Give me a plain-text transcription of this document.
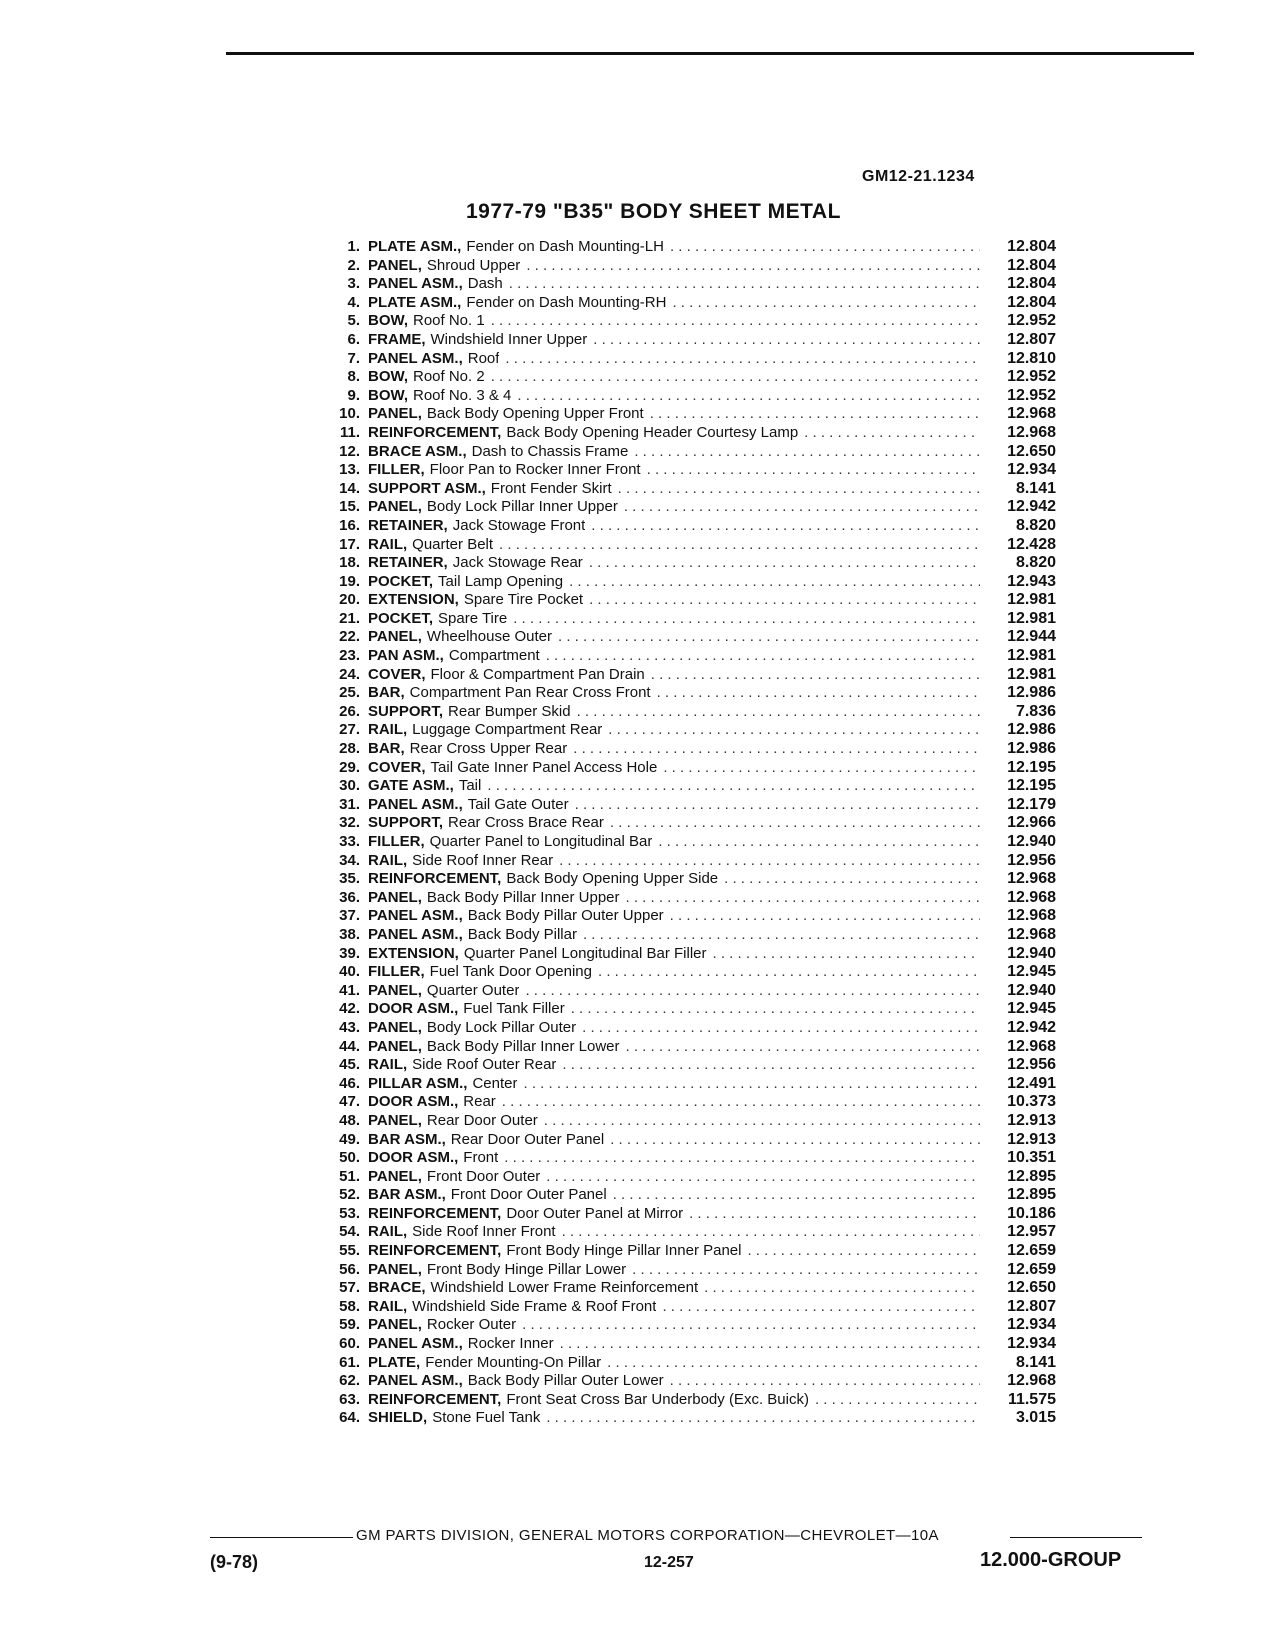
GM12-21.1234
1977-79 "B35" BODY SHEET METAL
1. PLATE ASM., Fender on Dash Mounting-LH . . .	12.804
2. PANEL, Shroud Upper . . .	12.804
3. PANEL ASM., Dash . . .	12.804
4. PLATE ASM., Fender on Dash Mounting-RH . . .	12.804
5. BOW, Roof No. 1 . . .	12.952
6. FRAME, Windshield Inner Upper . . .	12.807
7. PANEL ASM., Roof . . .	12.810
8. BOW, Roof No. 2 . . .	12.952
9. BOW, Roof No. 3 & 4 . . .	12.952
10. PANEL, Back Body Opening Upper Front . . .	12.968
11. REINFORCEMENT, Back Body Opening Header Courtesy Lamp . . .	12.968
12. BRACE ASM., Dash to Chassis Frame . . .	12.650
13. FILLER, Floor Pan to Rocker Inner Front . . .	12.934
14. SUPPORT ASM., Front Fender Skirt . . .	8.141
15. PANEL, Body Lock Pillar Inner Upper . . .	12.942
16. RETAINER, Jack Stowage Front . . .	8.820
17. RAIL, Quarter Belt . . .	12.428
18. RETAINER, Jack Stowage Rear . . .	8.820
19. POCKET, Tail Lamp Opening . . .	12.943
20. EXTENSION, Spare Tire Pocket . . .	12.981
21. POCKET, Spare Tire . . .	12.981
22. PANEL, Wheelhouse Outer . . .	12.944
23. PAN ASM., Compartment . . .	12.981
24. COVER, Floor & Compartment Pan Drain . . .	12.981
25. BAR, Compartment Pan Rear Cross Front . . .	12.986
26. SUPPORT, Rear Bumper Skid . . .	7.836
27. RAIL, Luggage Compartment Rear . . .	12.986
28. BAR, Rear Cross Upper Rear . . .	12.986
29. COVER, Tail Gate Inner Panel Access Hole . . .	12.195
30. GATE ASM., Tail . . .	12.195
31. PANEL ASM., Tail Gate Outer . . .	12.179
32. SUPPORT, Rear Cross Brace Rear . . .	12.966
33. FILLER, Quarter Panel to Longitudinal Bar . . .	12.940
34. RAIL, Side Roof Inner Rear . . .	12.956
35. REINFORCEMENT, Back Body Opening Upper Side . . .	12.968
36. PANEL, Back Body Pillar Inner Upper . . .	12.968
37. PANEL ASM., Back Body Pillar Outer Upper . . .	12.968
38. PANEL ASM., Back Body Pillar . . .	12.968
39. EXTENSION, Quarter Panel Longitudinal Bar Filler . . .	12.940
40. FILLER, Fuel Tank Door Opening . . .	12.945
41. PANEL, Quarter Outer . . .	12.940
42. DOOR ASM., Fuel Tank Filler . . .	12.945
43. PANEL, Body Lock Pillar Outer . . .	12.942
44. PANEL, Back Body Pillar Inner Lower . . .	12.968
45. RAIL, Side Roof Outer Rear . . .	12.956
46. PILLAR ASM., Center . . .	12.491
47. DOOR ASM., Rear . . .	10.373
48. PANEL, Rear Door Outer . . .	12.913
49. BAR ASM., Rear Door Outer Panel . . .	12.913
50. DOOR ASM., Front . . .	10.351
51. PANEL, Front Door Outer . . .	12.895
52. BAR ASM., Front Door Outer Panel . . .	12.895
53. REINFORCEMENT, Door Outer Panel at Mirror . . .	10.186
54. RAIL, Side Roof Inner Front . . .	12.957
55. REINFORCEMENT, Front Body Hinge Pillar Inner Panel . . .	12.659
56. PANEL, Front Body Hinge Pillar Lower . . .	12.659
57. BRACE, Windshield Lower Frame Reinforcement . . .	12.650
58. RAIL, Windshield Side Frame & Roof Front . . .	12.807
59. PANEL, Rocker Outer . . .	12.934
60. PANEL ASM., Rocker Inner . . .	12.934
61. PLATE, Fender Mounting-On Pillar . . .	8.141
62. PANEL ASM., Back Body Pillar Outer Lower . . .	12.968
63. REINFORCEMENT, Front Seat Cross Bar Underbody (Exc. Buick) . . .	11.575
64. SHIELD, Stone Fuel Tank . . .	3.015
GM PARTS DIVISION, GENERAL MOTORS CORPORATION—CHEVROLET—10A
(9-78)	12-257	12.000-GROUP
